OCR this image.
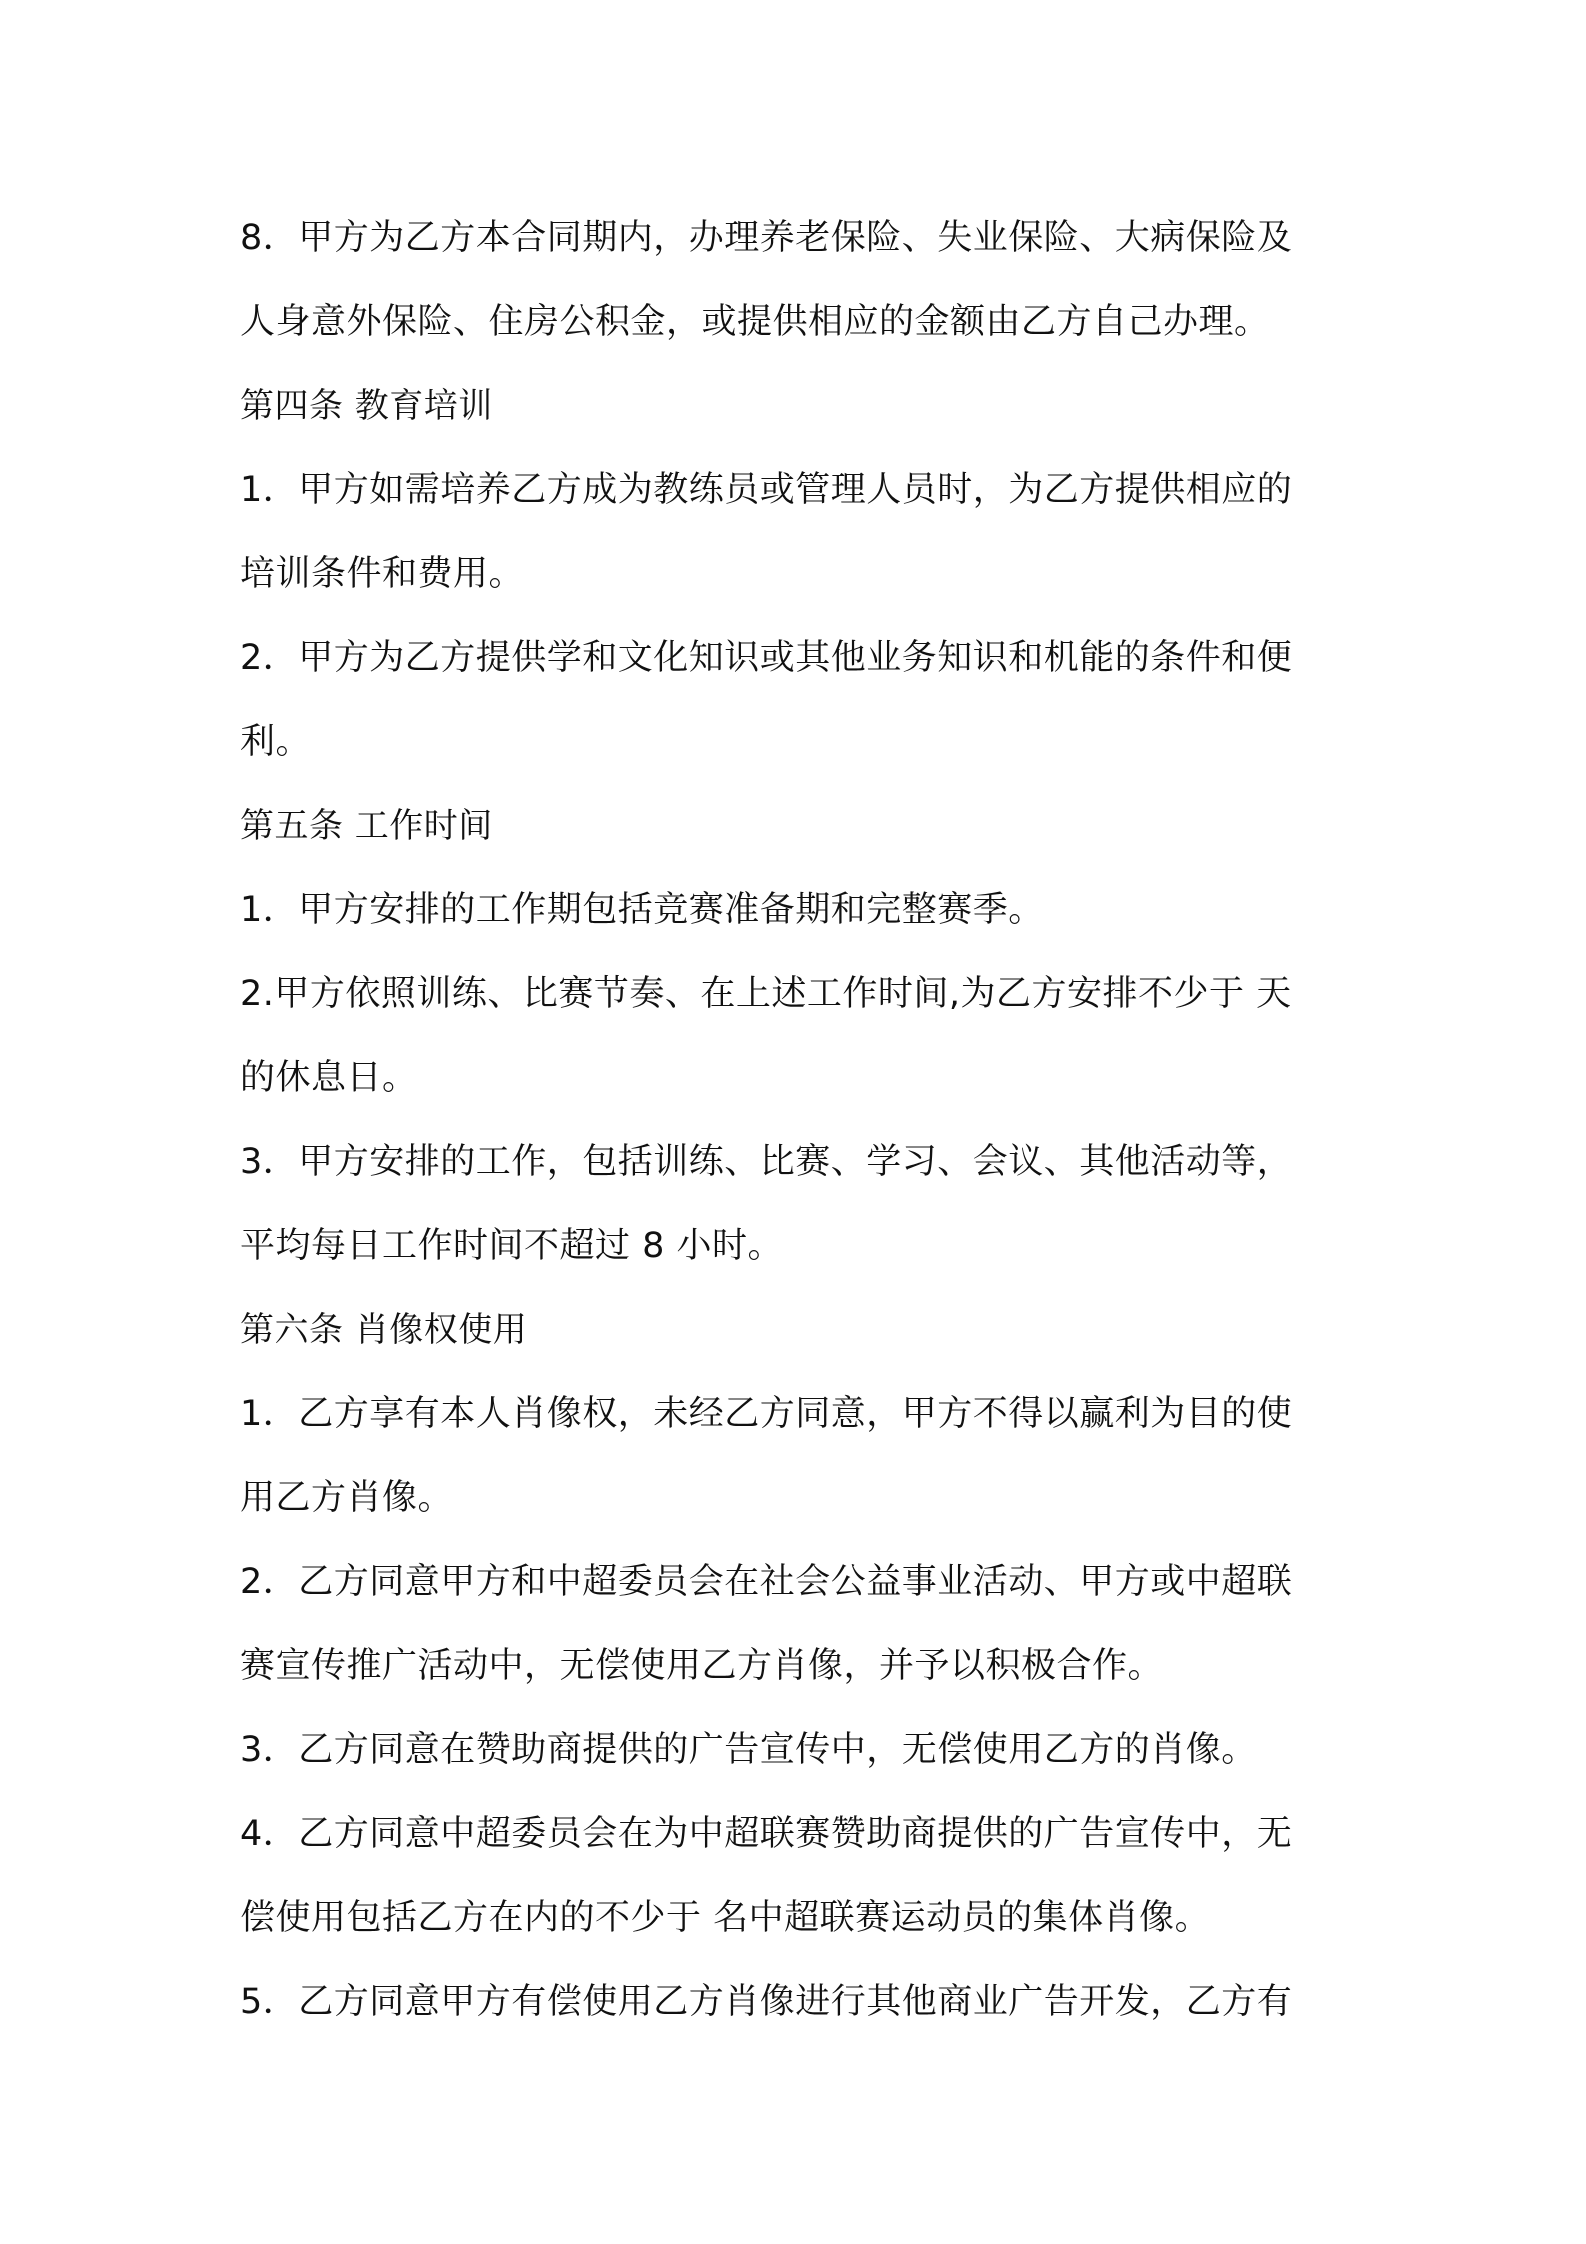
8．甲方为乙方本合同期内，办理养老保险、失业保险、大病保险及

人身意外保险、住房公积金，或提供相应的金额由乙方自己办理。

第四条 教育培训

1．甲方如需培养乙方成为教练员或管理人员时，为乙方提供相应的

培训条件和费用。

2．甲方为乙方提供学和文化知识或其他业务知识和机能的条件和便

利。

第五条 工作时间

1．甲方安排的工作期包括竞赛准备期和完整赛季。

2.甲方依照训练、比赛节奏、在上述工作时间,为乙方安排不少于 天

的休息日。

3．甲方安排的工作，包括训练、比赛、学习、会议、其他活动等，

平均每日工作时间不超过 8 小时。

第六条 肖像权使用

1．乙方享有本人肖像权，未经乙方同意，甲方不得以赢利为目的使

用乙方肖像。

2．乙方同意甲方和中超委员会在社会公益事业活动、甲方或中超联

赛宣传推广活动中，无偿使用乙方肖像，并予以积极合作。

3．乙方同意在赞助商提供的广告宣传中，无偿使用乙方的肖像。

4．乙方同意中超委员会在为中超联赛赞助商提供的广告宣传中，无

偿使用包括乙方在内的不少于 名中超联赛运动员的集体肖像。

5．乙方同意甲方有偿使用乙方肖像进行其他商业广告开发，乙方有
